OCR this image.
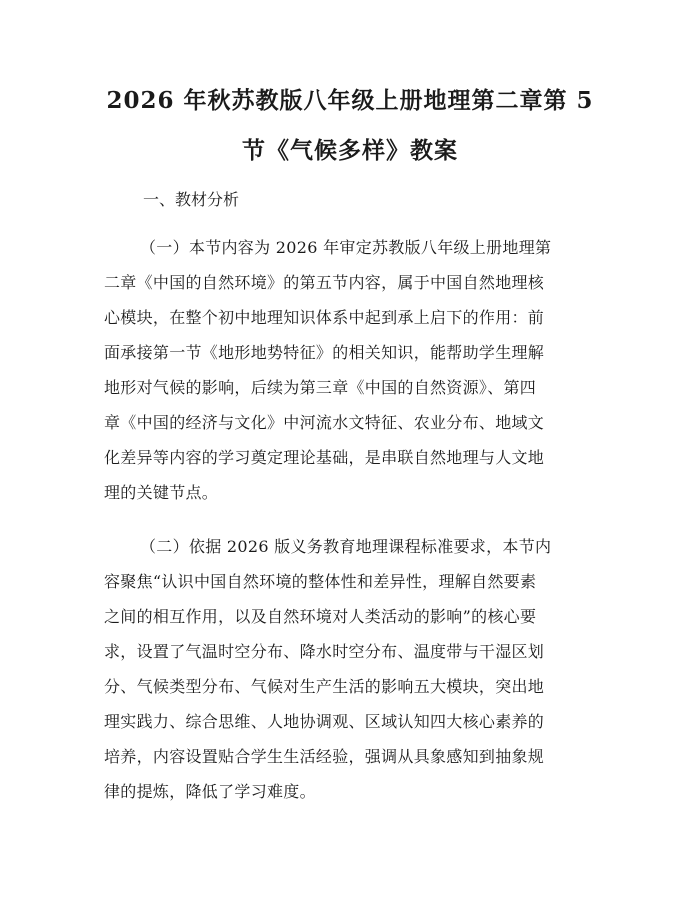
2026 年秋苏教版八年级上册地理第二章第 5
节《气候多样》教案
一、教材分析
（一）本节内容为 2026 年审定苏教版八年级上册地理第
二章《中国的自然环境》的第五节内容，属于中国自然地理核
心模块，在整个初中地理知识体系中起到承上启下的作用：前
面承接第一节《地形地势特征》的相关知识，能帮助学生理解
地形对气候的影响，后续为第三章《中国的自然资源》、第四
章《中国的经济与文化》中河流水文特征、农业分布、地域文
化差异等内容的学习奠定理论基础，是串联自然地理与人文地
理的关键节点。
（二）依据 2026 版义务教育地理课程标准要求，本节内
容聚焦“认识中国自然环境的整体性和差异性，理解自然要素
之间的相互作用，以及自然环境对人类活动的影响”的核心要
求，设置了气温时空分布、降水时空分布、温度带与干湿区划
分、气候类型分布、气候对生产生活的影响五大模块，突出地
理实践力、综合思维、人地协调观、区域认知四大核心素养的
培养，内容设置贴合学生生活经验，强调从具象感知到抽象规
律的提炼，降低了学习难度。
